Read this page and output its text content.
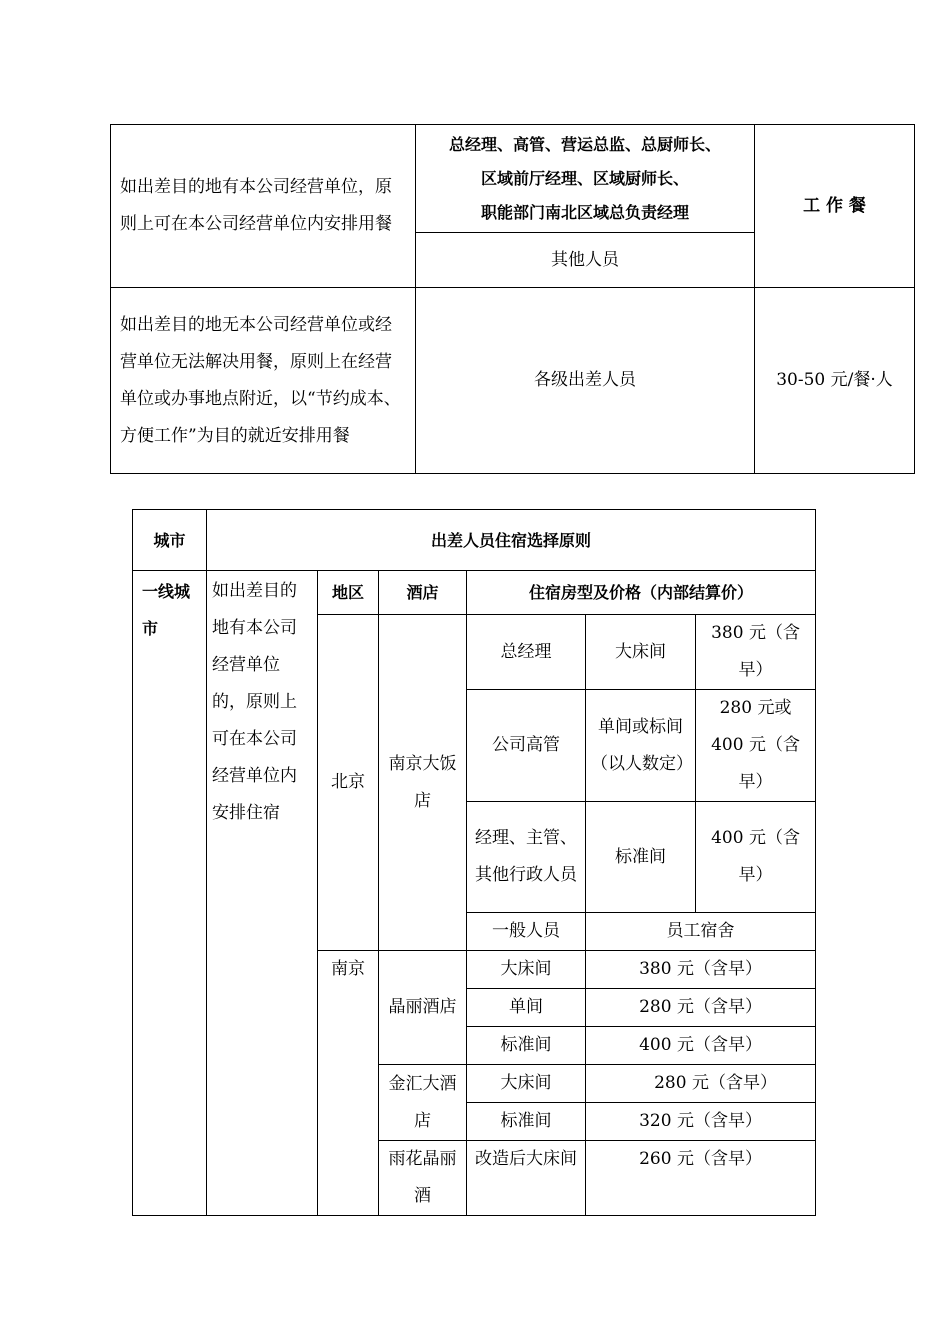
如出差目的地有本公司经营单位，原则上可在本公司经营单位内安排用餐	总经理、高管、营运总监、总厨师长、
区域前厅经理、区域厨师长、
职能部门南北区域总负责经理	工 作 餐
	其他人员	
如出差目的地无本公司经营单位或经营单位无法解决用餐，原则上在经营单位或办事地点附近，以“节约成本、方便工作”为目的就近安排用餐	各级出差人员	30-50 元/餐·人
城市	出差人员住宿选择原则					
一线城市	如出差目的地有本公司经营单位的，原则上可在本公司经营单位内安排住宿	地区	酒店	住宿房型及价格（内部结算价）		
		北京	南京大饭店	总经理	大床间	380 元（含早）
				公司高管	单间或标间（以人数定）	280 元或 400 元（含早）
				经理、主管、其他行政人员	标准间	400 元（含早）
				一般人员	员工宿舍	
		南京	晶丽酒店	大床间	380 元（含早）	
				单间	280 元（含早）	
				标准间	400 元（含早）	
			金汇大酒店	大床间	280 元（含早）	
				标准间	320 元（含早）	
			雨花晶丽酒	改造后大床间	260 元（含早）	
